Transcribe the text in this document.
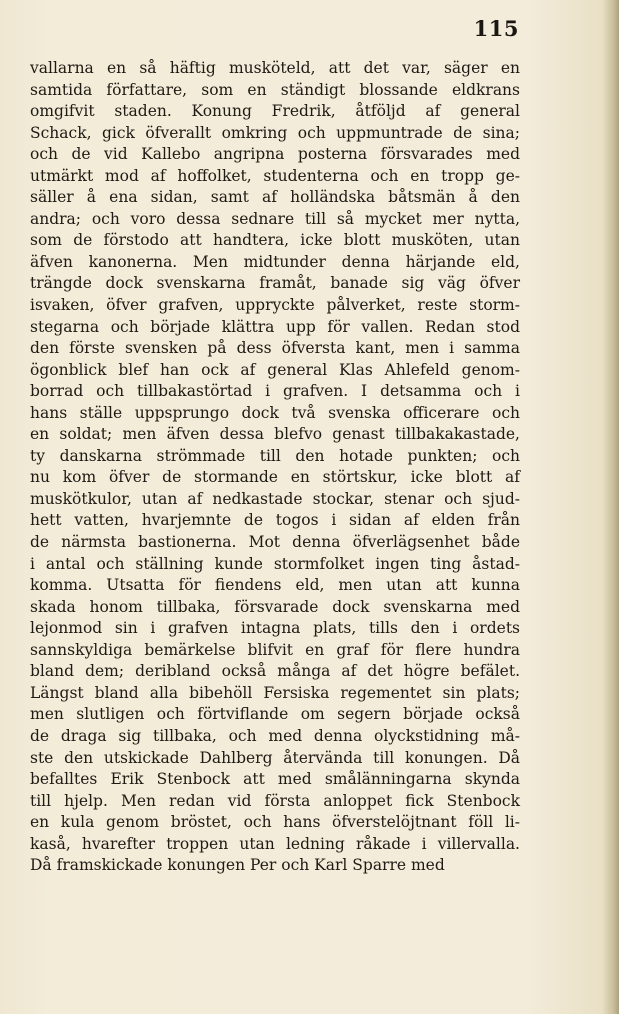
115
vallarna en så häftig musköteld, att det var, säger en
samtida författare, som en ständigt blossande eldkrans
omgifvit staden. Konung Fredrik, åtföljd af general
Schack, gick öfverallt omkring och uppmuntrade de sina;
och de vid Kallebo angripna posterna försvarades med
utmärkt mod af hoffolket, studenterna och en tropp ge-
säller å ena sidan, samt af holländska båtsmän å den
andra; och voro dessa sednare till så mycket mer nytta,
som de förstodo att handtera, icke blott musköten, utan
äfven kanonerna. Men midtunder denna härjande eld,
trängde dock svenskarna framåt, banade sig väg öfver
isvaken, öfver grafven, uppryckte pålverket, reste storm-
stegarna och började klättra upp för vallen. Redan stod
den förste svensken på dess öfversta kant, men i samma
ögonblick blef han ock af general Klas Ahlefeld genom-
borrad och tillbakastörtad i grafven. I detsamma och i
hans ställe uppsprungo dock två svenska officerare och
en soldat; men äfven dessa blefvo genast tillbakakastade,
ty danskarna strömmade till den hotade punkten; och
nu kom öfver de stormande en störtskur, icke blott af
muskötkulor, utan af nedkastade stockar, stenar och sjud-
hett vatten, hvarjemnte de togos i sidan af elden från
de närmsta bastionerna. Mot denna öfverlägsenhet både
i antal och ställning kunde stormfolket ingen ting åstad-
komma. Utsatta för fiendens eld, men utan att kunna
skada honom tillbaka, försvarade dock svenskarna med
lejonmod sin i grafven intagna plats, tills den i ordets
sannskyldiga bemärkelse blifvit en graf för flere hundra
bland dem; deribland också många af det högre befälet.
Längst bland alla bibehöll Fersiska regementet sin plats;
men slutligen och förtviflande om segern började också
de draga sig tillbaka, och med denna olyckstidning må-
ste den utskickade Dahlberg återvända till konungen. Då
befalltes Erik Stenbock att med smålänningarna skynda
till hjelp. Men redan vid första anloppet fick Stenbock
en kula genom bröstet, och hans öfverstelöjtnant föll li-
kaså, hvarefter troppen utan ledning råkade i villervalla.
Då framskickade konungen Per och Karl Sparre med
